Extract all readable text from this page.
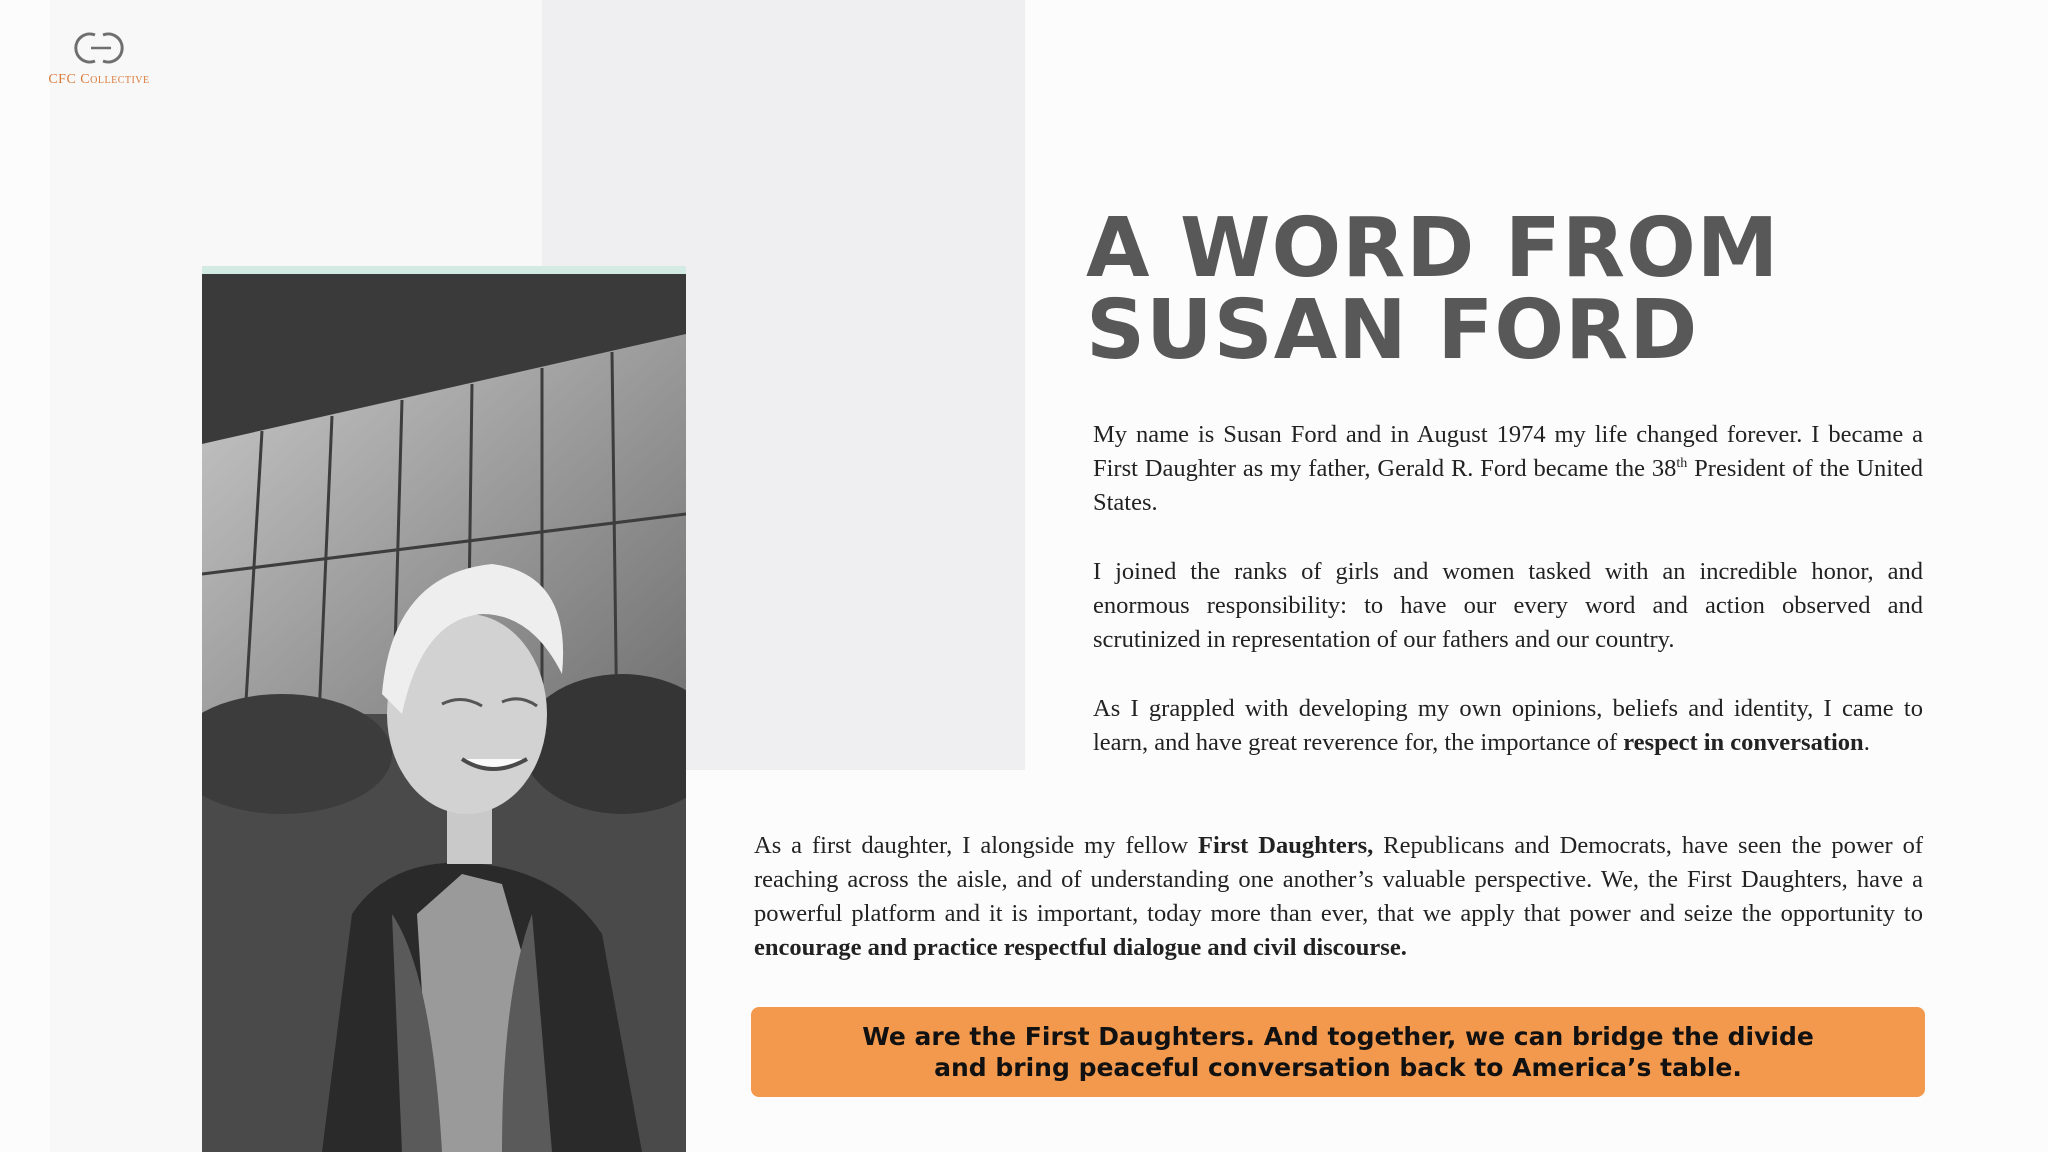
CFC Collective
A WORD FROM
SUSAN FORD
My name is Susan Ford and in August 1974 my life changed forever. I became a First Daughter as my father, Gerald R. Ford became the 38th President of the United States.
I joined the ranks of girls and women tasked with an incredible honor, and enormous responsibility: to have our every word and action observed and scrutinized in representation of our fathers and our country.
As I grappled with developing my own opinions, beliefs and identity, I came to learn, and have great reverence for, the importance of respect in conversation.
As a first daughter, I alongside my fellow First Daughters, Republicans and Democrats, have seen the power of reaching across the aisle, and of understanding one another’s valuable perspective. We, the First Daughters, have a powerful platform and it is important, today more than ever, that we apply that power and seize the opportunity to encourage and practice respectful dialogue and civil discourse.
We are the First Daughters. And together, we can bridge the divide
and bring peaceful conversation back to America’s table.
